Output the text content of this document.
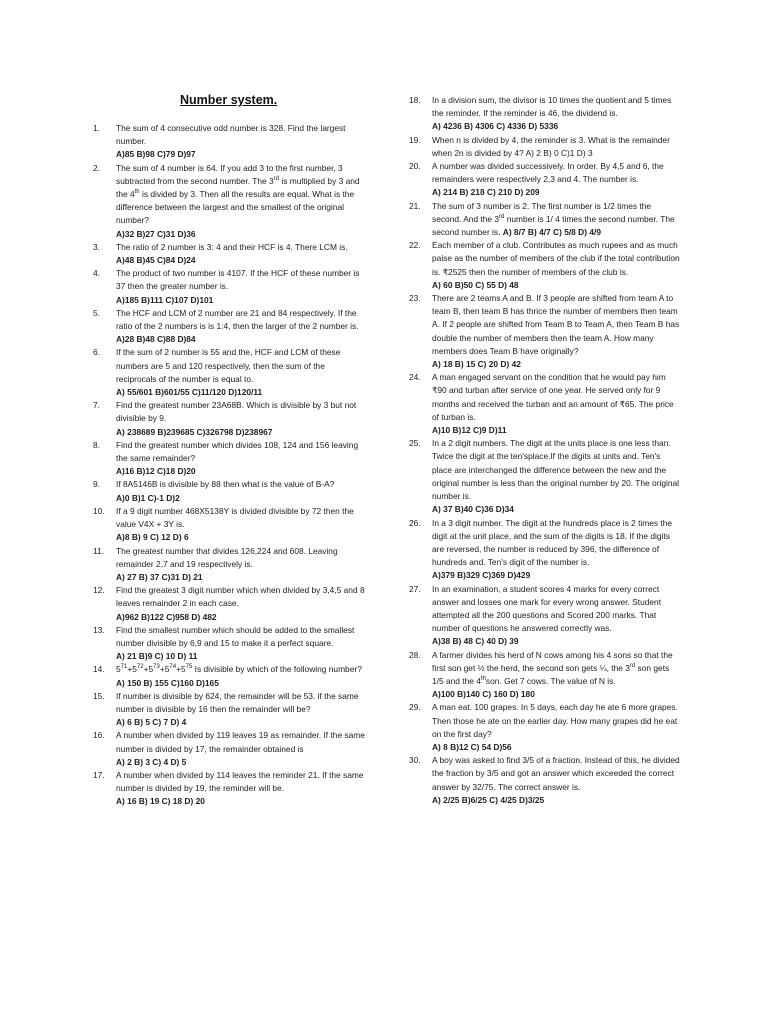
Number system.
1. The sum of 4 consecutive odd number is 328. Find the largest number.
A)85 B)98 C)79 D)97
2. The sum of 4 number is 64. If you add 3 to the first number, 3 subtracted from the second number. The 3rd is multiplied by 3 and the 4th is divided by 3. Then all the results are equal. What is the difference between the largest and the smallest of the original number?
A)32 B)27 C)31 D)36
3. The ratio of 2 number is 3: 4 and their HCF is 4. There LCM is.
A)48 B)45 C)84 D)24
4. The product of two number is 4107. If the HCF of these number is 37 then the greater number is.
A)185 B)111 C)107 D)101
5. The HCF and LCM of 2 number are 21 and 84 respectively. If the ratio of the 2 numbers is is 1:4, then the larger of the 2 number is.
A)28 B)48 C)88 D)84
6. If the sum of 2 number is 55 and the, HCF and LCM of these numbers are 5 and 120 respectively, then the sum of the reciprocals of the number is equal to.
A) 55/601 B)601/55 C)11/120 D)120/11
7. Find the greatest number 23A68B. Which is divisible by 3 but not divisible by 9.
A) 238689 B)239685 C)326798 D)238967
8. Find the greatest number which divides 108, 124 and 156 leaving the same remainder?
A)16 B)12 C)18 D)20
9. If 8A5146B is divisible by 88 then what is the value of B-A?
A)0 B)1 C)-1 D)2
10. If a 9 digit number 468X5138Y is divided divisible by 72 then the value V4X + 3Y is.
A)8 B) 9 C) 12 D) 6
11. The greatest number that divides 126,224 and 608. Leaving remainder 2,7 and 19 respectively is.
A) 27 B) 37 C)31 D) 21
12. Find the greatest 3 digit number which when divided by 3,4,5 and 8 leaves remainder 2 in each case.
A)962 B)122 C)958 D) 482
13. Find the smallest number which should be added to the smallest number divisible by 6,9 and 15 to make it a perfect square.
A) 21 B)9 C) 10 D) 11
14. $5^{71}+5^{72}+5^{73}+5^{74}+5^{75}$ Is divisible by which of the following number?
A) 150 B) 155 C)160 D)165
15. If number is divisible by 624, the remainder will be 53. if the same number is divisible by 16 then the remainder will be?
A) 6 B) 5 C) 7 D) 4
16. A number when divided by 119 leaves 19 as remainder. If the same number is divided by 17, the remainder obtained is
A) 2 B) 3 C) 4 D) 5
17. A number when divided by 114 leaves the reminder 21. If the same number is divided by 19, the reminder will be.
A) 16 B) 19 C) 18 D) 20
18. In a division sum, the divisor is 10 times the quotient and 5 times the reminder. If the reminder is 46, the dividend is.
A) 4236 B) 4306 C) 4336 D) 5336
19. When n is divided by 4, the reminder is 3. What is the remainder when 2n is divided by 4? A) 2 B) 0 C)1 D) 3
20. A number was divided successively. In order. By 4,5 and 6, the remainders were respectively 2,3 and 4. The number is.
A) 214 B) 218 C) 210 D) 209
21. The sum of 3 number is 2. The first number is 1/2 times the second. And the 3rd number is 1/ 4 times the second number. The second number is. A) 8/7 B) 4/7 C) 5/8 D) 4/9
22. Each member of a club. Contributes as much rupees and as much paise as the number of members of the club if the total contribution is. ₹2525 then the number of members of the club is.
A) 60 B)50 C) 55 D) 48
23. There are 2 teams A and B. If 3 people are shifted from team A to team B, then team B has thrice the number of members then team A. If 2 people are shifted from Team B to Team A, then Team B has double the number of members then the team A. How many members does Team B have originally?
A) 18 B) 15 C) 20 D) 42
24. A man engaged servant on the condition that he would pay him ₹90 and turban after service of one year. He served only for 9 months and received the turban and an amount of ₹65. The price of turban is.
A)10 B)12 C)9 D)11
25. In a 2 digit numbers. The digit at the units place is one less than. Twice the digit at the ten'splace.If the digits at units and. Ten's place are interchanged the difference between the new and the original number is less than the original number by 20. The original number is.
A) 37 B)40 C)36 D)34
26. In a 3 digit number. The digit at the hundreds place is 2 times the digit at the unit place, and the sum of the digits is 18. If the digits are reversed, the number is reduced by 396, the difference of hundreds and. Ten's digit of the number is.
A)379 B)329 C)369 D)429
27. In an examination, a student scores 4 marks for every correct answer and losses one mark for every wrong answer. Student attempted all the 200 questions and Scored 200 marks. That number of questions he answered correctly was.
A)38 B) 48 C) 40 D) 39
28. A farmer divides his herd of N cows among his 4 sons so that the first son get ½ the herd, the second son gets ¼, the 3rd son gets 1/5 and the 4thson. Get 7 cows. The value of N is.
A)100 B)140 C) 160 D) 180
29. A man eat. 100 grapes. In 5 days, each day he ate 6 more grapes. Then those he ate on the earlier day. How many grapes did he eat on the first day?
A) 8 B)12 C) 54 D)56
30. A boy was asked to find 3/5 of a fraction. Instead of this, he divided the fraction by 3/5 and got an answer which exceeded the correct answer by 32/75. The correct answer is.
A) 2/25 B)6/25 C) 4/25 D)3/25
